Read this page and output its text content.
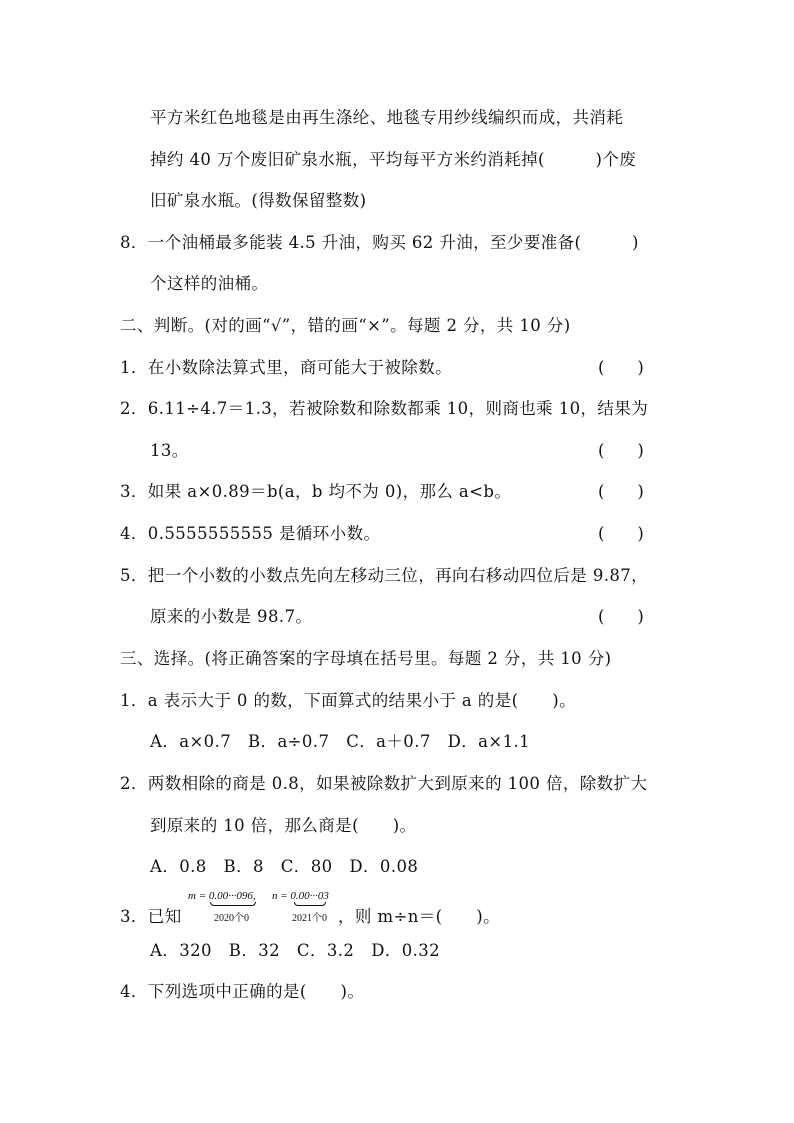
平方米红色地毯是由再生涤纶、地毯专用纱线编织而成，共消耗
掉约 40 万个废旧矿泉水瓶，平均每平方米约消耗掉(　　　)个废
旧矿泉水瓶。(得数保留整数)
8．一个油桶最多能装 4.5 升油，购买 62 升油，至少要准备(　　　)
个这样的油桶。
二、判断。(对的画“√”，错的画“×”。每题 2 分，共 10 分)
1．在小数除法算式里，商可能大于被除数。	(　　)
2．6.11÷4.7＝1.3，若被除数和除数都乘 10，则商也乘 10，结果为
13。	(　　)
3．如果 a×0.89＝b(a，b 均不为 0)，那么 a<b。	(　　)
4．0.5555555555 是循环小数。	(　　)
5．把一个小数的小数点先向左移动三位，再向右移动四位后是 9.87，
原来的小数是 98.7。	(　　)
三、选择。(将正确答案的字母填在括号里。每题 2 分，共 10 分)
1．a 表示大于 0 的数，下面算式的结果小于 a 的是(　　)。
A．a×0.7　B．a÷0.7　C．a＋0.7　D．a×1.1
2．两数相除的商是 0.8，如果被除数扩大到原来的 100 倍，除数扩大
到原来的 10 倍，那么商是(　　)。
A．0.8　B．8　C．80　D．0.08
3．已知
m = 0.00···096, n = 0.00···03
2020个0	2021个0 ，则 m÷n＝(　　)。
A．320　B．32　C．3.2　D．0.32
4．下列选项中正确的是(　　)。
